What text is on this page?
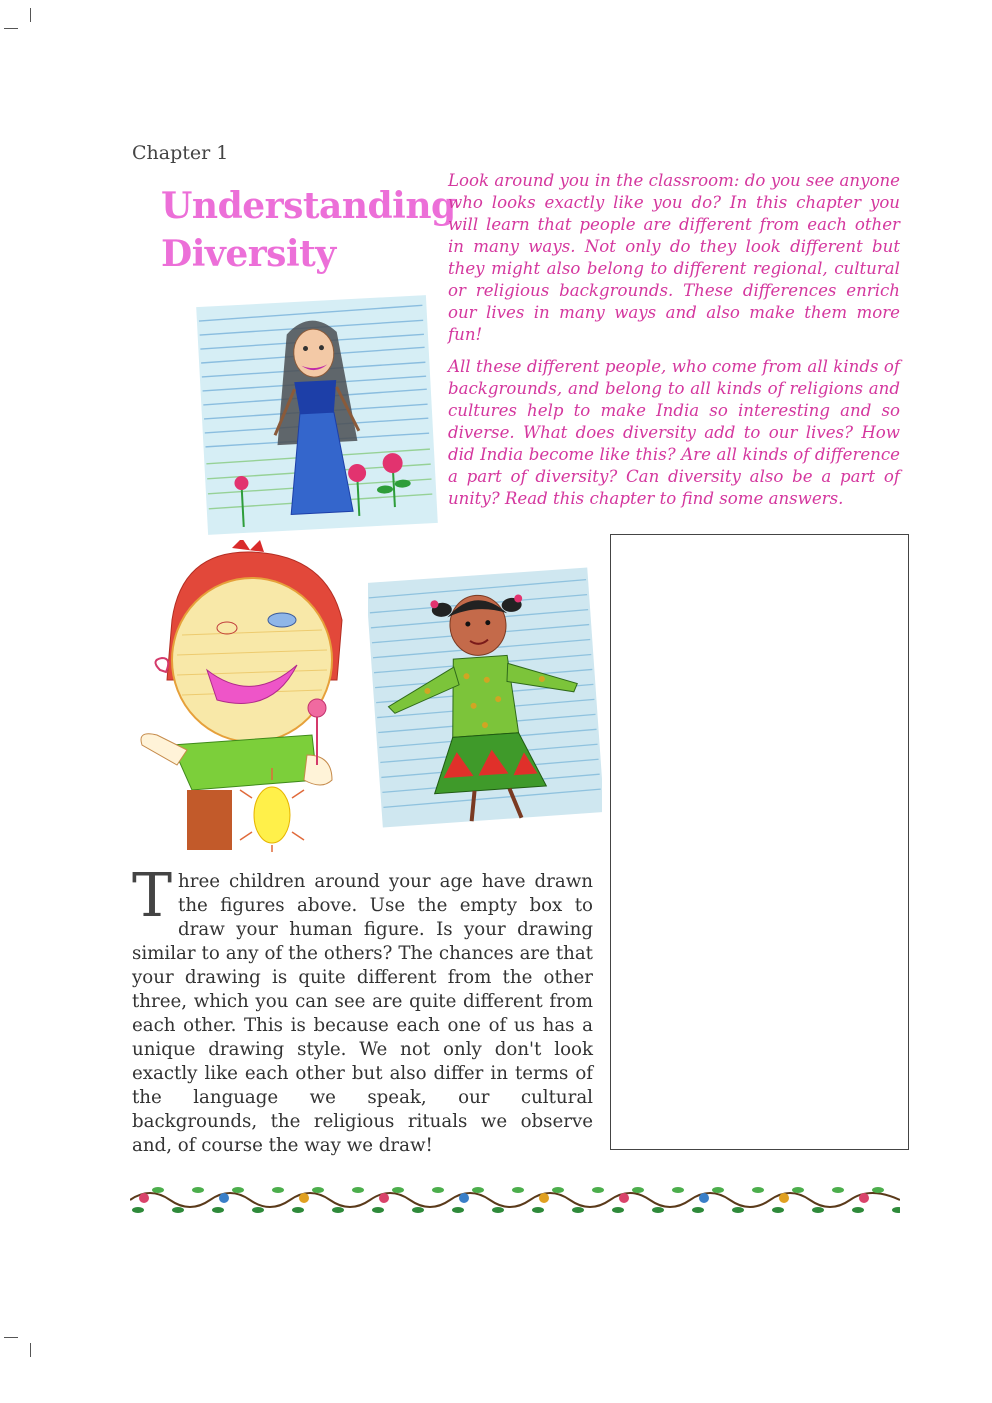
Chapter 1
Understanding
Diversity

Look around you in the classroom: do you see anyone who looks exactly like you do? In this chapter you will learn that people are different from each other in many ways. Not only do they look different but they might also belong to different regional, cultural or religious backgrounds. These differences enrich our lives in many ways and also make them more fun!

All these different people, who come from all kinds of backgrounds, and belong to all kinds of religions and cultures help to make India so interesting and so diverse. What does diversity add to our lives? How did India become like this? Are all kinds of difference a part of diversity? Can diversity also be a part of unity? Read this chapter to find some answers.

Three children around your age have drawn the figures above. Use the empty box to draw your human figure. Is your drawing similar to any of the others? The chances are that your drawing is quite different from the other three, which you can see are quite different from each other. This is because each one of us has a unique drawing style. We not only don't look exactly like each other but also differ in terms of the language we speak, our cultural backgrounds, the religious rituals we observe and, of course the way we draw!
